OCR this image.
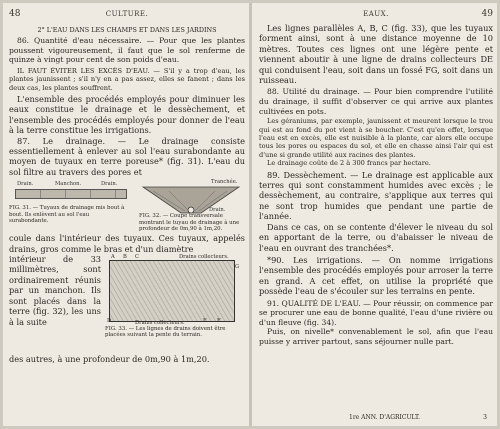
48	CULTURE.
2° L'EAU DANS LES CHAMPS ET DANS LES JARDINS

86. Quantité d'eau nécessaire. — Pour que les plantes poussent vigoureusement, il faut que le sol renferme de quinze à vingt pour cent de son poids d'eau.

IL FAUT ÉVITER LES EXCÈS D'EAU. — S'il y a trop d'eau, les plantes jaunissent ; s'il n'y en a pas assez, elles se fanent ; dans les deux cas, les plantes souffrent.

L'ensemble des procédés employés pour diminuer les eaux constitue le drainage et le dessèchement, et l'ensemble des procédés employés pour donner de l'eau à la terre constitue les irrigations.

87. Le drainage. — Le drainage consiste essentiellement à enlever au sol l'eau surabondante au moyen de tuyaux en terre poreuse* (fig. 31). L'eau du sol filtre au travers des pores et

Drain.	Manchon.	Drain.
FIG. 31. — Tuyaux de drainage mis bout à bout. Ils enlèvent au sol l'eau surabondante.
Tranchée.
Drain.
FIG. 32. — Coupe transversale montrant le tuyau de drainage à une profondeur de 0m,90 à 1m,20.

coule dans l'intérieur des tuyaux. Ces tuyaux, appelés drains, gros comme le bras et d'un diamètre

intérieur de 33 millimètres, sont ordinairement réunis par un manchon. Ils sont placés dans la terre (fig. 32), les uns à la suite

A B C	Drains collecteurs.
D	Drains collecteurs.	E F
G
FIG. 33. — Les lignes de drains doivent être placées suivant la pente du terrain.

des autres, à une profondeur de 0m,90 à 1m,20.

EAUX.	49

Les lignes parallèles A, B, C (fig. 33), que les tuyaux forment ainsi, sont à une distance moyenne de 10 mètres. Toutes ces lignes ont une légère pente et viennent aboutir à une ligne de drains collecteurs DE qui conduisent l'eau, soit dans un fossé FG, soit dans un ruisseau.

88. Utilité du drainage. — Pour bien comprendre l'utilité du drainage, il suffit d'observer ce qui arrive aux plantes cultivées en pots.

Les géraniums, par exemple, jaunissent et meurent lorsque le trou qui est au fond du pot vient à se boucher. C'est qu'en effet, lorsque l'eau est en excès, elle est nuisible à la plante, car alors elle occupe tous les pores ou espaces du sol, et elle en chasse ainsi l'air qui est d'une si grande utilité aux racines des plantes.

Le drainage coûte de 2 à 300 francs par hectare.

89. Dessèchement. — Le drainage est applicable aux terres qui sont constamment humides avec excès ; le dessèchement, au contraire, s'applique aux terres qui ne sont trop humides que pendant une partie de l'année.

Dans ce cas, on se contente d'élever le niveau du sol en apportant de la terre, ou d'abaisser le niveau de l'eau en ouvrant des tranchées*.

*90. Les irrigations. — On nomme irrigations l'ensemble des procédés employés pour arroser la terre en grand. A cet effet, on utilise la propriété que possède l'eau de s'écouler sur les terrains en pente.

91. QUALITÉ DE L'EAU. — Pour réussir, on commence par se procurer une eau de bonne qualité, l'eau d'une rivière ou d'un fleuve (fig. 34).

Puis, on nivelle* convenablement le sol, afin que l'eau puisse y arriver partout, sans séjourner nulle part.

1re ANN. D'AGRICULT.	3
